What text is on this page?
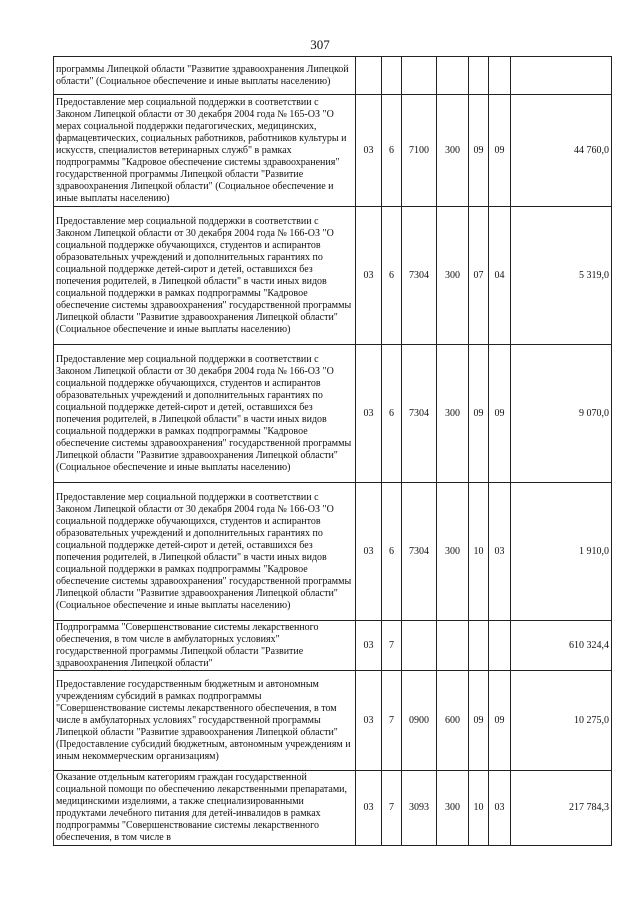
307
программы Липецкой области "Развитие здравоохранения Липецкой области" (Социальное обеспечение и иные выплаты населению)							
Предоставление мер социальной поддержки в соответствии с Законом Липецкой области от 30 декабря 2004 года № 165-ОЗ "О мерах социальной поддержки педагогических, медицинских, фармацевтических, социальных работников, работников культуры и искусств, специалистов ветеринарных служб" в рамках подпрограммы "Кадровое обеспечение системы здравоохранения" государственной программы Липецкой области "Развитие здравоохранения Липецкой области" (Социальное обеспечение и иные выплаты населению)	03	6	7100	300	09	09	44 760,0
Предоставление мер социальной поддержки в соответствии с Законом Липецкой области от 30 декабря 2004 года № 166-ОЗ "О социальной поддержке обучающихся, студентов и аспирантов образовательных учреждений и дополнительных гарантиях по социальной поддержке детей-сирот и детей, оставшихся без попечения родителей, в Липецкой области" в части иных видов социальной поддержки в рамках подпрограммы "Кадровое обеспечение системы здравоохранения" государственной программы Липецкой области "Развитие здравоохранения Липецкой области" (Социальное обеспечение и иные выплаты населению)	03	6	7304	300	07	04	5 319,0
Предоставление мер социальной поддержки в соответствии с Законом Липецкой области от 30 декабря 2004 года № 166-ОЗ "О социальной поддержке обучающихся, студентов и аспирантов образовательных учреждений и дополнительных гарантиях по социальной поддержке детей-сирот и детей, оставшихся без попечения родителей, в Липецкой области" в части иных видов социальной поддержки в рамках подпрограммы "Кадровое обеспечение системы здравоохранения" государственной программы Липецкой области "Развитие здравоохранения Липецкой области" (Социальное обеспечение и иные выплаты населению)	03	6	7304	300	09	09	9 070,0
Предоставление мер социальной поддержки в соответствии с Законом Липецкой области от 30 декабря 2004 года № 166-ОЗ "О социальной поддержке обучающихся, студентов и аспирантов образовательных учреждений и дополнительных гарантиях по социальной поддержке детей-сирот и детей, оставшихся без попечения родителей, в Липецкой области" в части иных видов социальной поддержки в рамках подпрограммы "Кадровое обеспечение системы здравоохранения" государственной программы Липецкой области "Развитие здравоохранения Липецкой области" (Социальное обеспечение и иные выплаты населению)	03	6	7304	300	10	03	1 910,0
Подпрограмма "Совершенствование системы лекарственного обеспечения, в том числе в амбулаторных условиях" государственной программы Липецкой области "Развитие здравоохранения Липецкой области"	03	7					610 324,4
Предоставление государственным бюджетным и автономным учреждениям субсидий в рамках подпрограммы "Совершенствование системы лекарственного обеспечения, в том числе в амбулаторных условиях" государственной программы Липецкой области "Развитие здравоохранения Липецкой области" (Предоставление субсидий бюджетным, автономным учреждениям и иным некоммерческим организациям)	03	7	0900	600	09	09	10 275,0
Оказание отдельным категориям граждан государственной социальной помощи по обеспечению лекарственными препаратами, медицинскими изделиями, а также специализированными продуктами лечебного питания для детей-инвалидов в рамках подпрограммы "Совершенствование системы лекарственного обеспечения, в том числе в	03	7	3093	300	10	03	217 784,3
